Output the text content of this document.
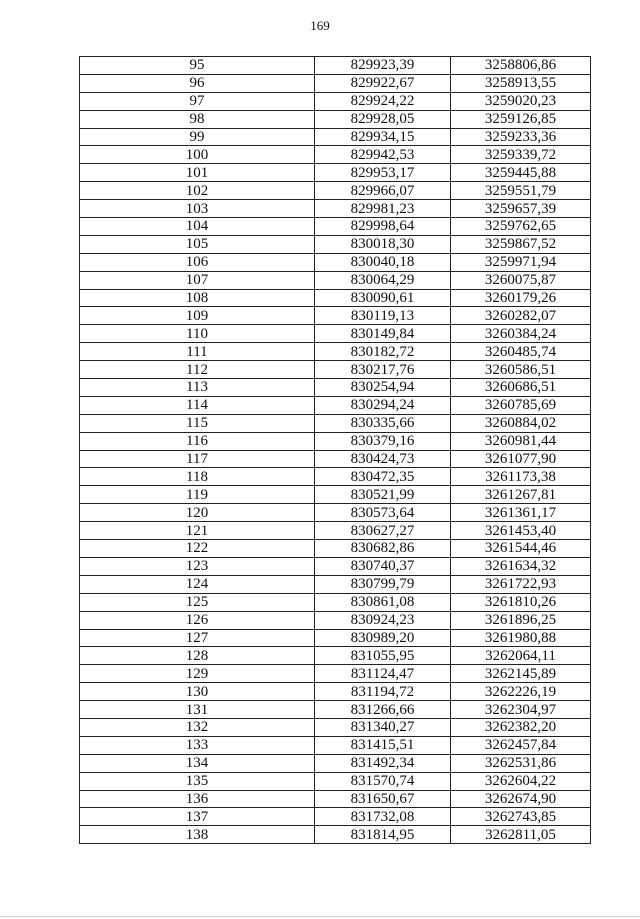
169
95	829923,39	3258806,86
96	829922,67	3258913,55
97	829924,22	3259020,23
98	829928,05	3259126,85
99	829934,15	3259233,36
100	829942,53	3259339,72
101	829953,17	3259445,88
102	829966,07	3259551,79
103	829981,23	3259657,39
104	829998,64	3259762,65
105	830018,30	3259867,52
106	830040,18	3259971,94
107	830064,29	3260075,87
108	830090,61	3260179,26
109	830119,13	3260282,07
110	830149,84	3260384,24
111	830182,72	3260485,74
112	830217,76	3260586,51
113	830254,94	3260686,51
114	830294,24	3260785,69
115	830335,66	3260884,02
116	830379,16	3260981,44
117	830424,73	3261077,90
118	830472,35	3261173,38
119	830521,99	3261267,81
120	830573,64	3261361,17
121	830627,27	3261453,40
122	830682,86	3261544,46
123	830740,37	3261634,32
124	830799,79	3261722,93
125	830861,08	3261810,26
126	830924,23	3261896,25
127	830989,20	3261980,88
128	831055,95	3262064,11
129	831124,47	3262145,89
130	831194,72	3262226,19
131	831266,66	3262304,97
132	831340,27	3262382,20
133	831415,51	3262457,84
134	831492,34	3262531,86
135	831570,74	3262604,22
136	831650,67	3262674,90
137	831732,08	3262743,85
138	831814,95	3262811,05
